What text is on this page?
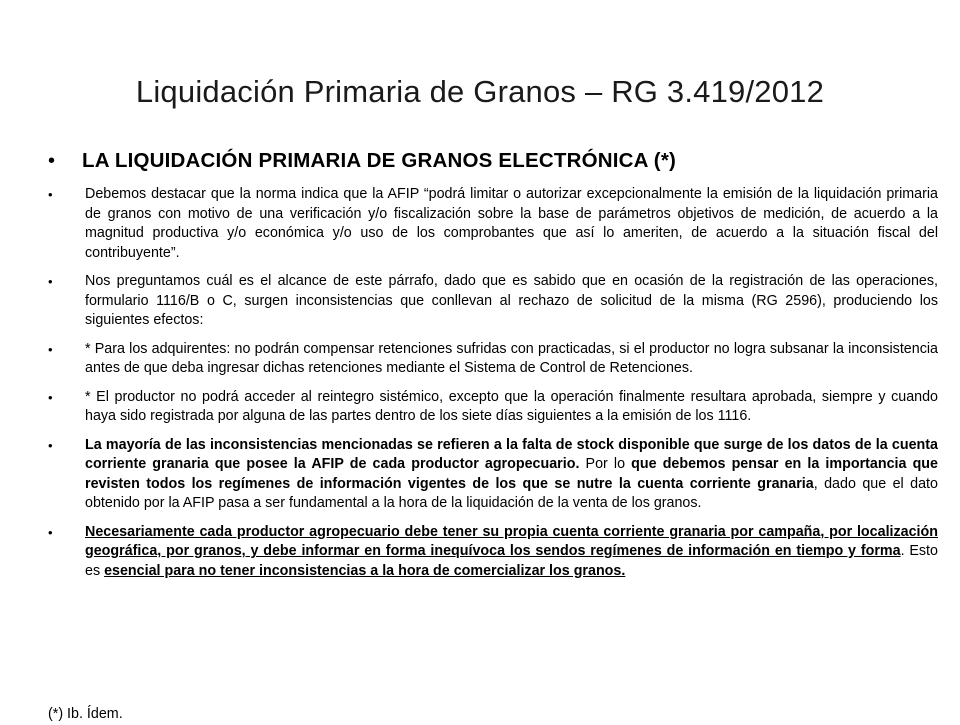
Liquidación Primaria de Granos – RG 3.419/2012
•	LA LIQUIDACIÓN PRIMARIA DE GRANOS ELECTRÓNICA (*)
•	Debemos destacar que la norma indica que la AFIP “podrá limitar o autorizar excepcionalmente la emisión de la liquidación primaria de granos con motivo de una verificación y/o fiscalización sobre la base de parámetros objetivos de medición, de acuerdo a la magnitud productiva y/o económica y/o uso de los comprobantes que así lo ameriten, de acuerdo a la situación fiscal del contribuyente”.
•	Nos preguntamos cuál es el alcance de este párrafo, dado que es sabido que en ocasión de la registración de las operaciones, formulario 1116/B o C, surgen inconsistencias que conllevan al rechazo de solicitud de la misma (RG 2596), produciendo los siguientes efectos:
•	* Para los adquirentes: no podrán compensar retenciones sufridas con practicadas, si el productor no logra subsanar la inconsistencia antes de que deba ingresar dichas retenciones mediante el Sistema de Control de Retenciones.
•	* El productor no podrá acceder al reintegro sistémico, excepto que la operación finalmente resultara aprobada, siempre y cuando haya sido registrada por alguna de las partes dentro de los siete días siguientes a la emisión de los 1116.
•	La mayoría de las inconsistencias mencionadas se refieren a la falta de stock disponible que surge de los datos de la cuenta corriente granaria que posee la AFIP de cada productor agropecuario. Por lo que debemos pensar en la importancia que revisten todos los regímenes de información vigentes de los que se nutre la cuenta corriente granaria, dado que el dato obtenido por la AFIP pasa a ser fundamental a la hora de la liquidación de la venta de los granos.
•	Necesariamente cada productor agropecuario debe tener su propia cuenta corriente granaria por campaña, por localización geográfica, por granos, y debe informar en forma inequívoca los sendos regímenes de información en tiempo y forma. Esto es esencial para no tener inconsistencias a la hora de comercializar los granos.
(*) Ib. Ídem.
